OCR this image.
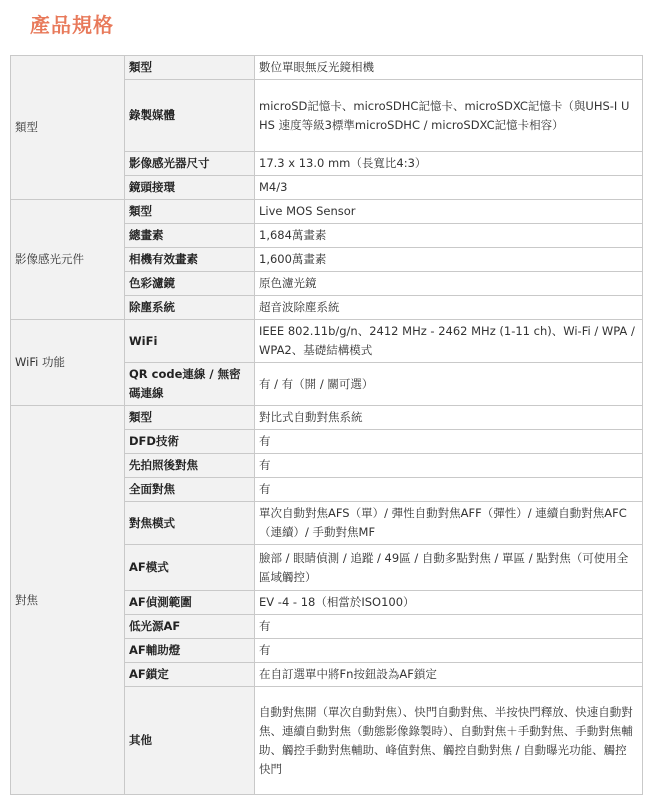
產品規格
類型	類型	數位單眼無反光鏡相機
	錄製媒體	microSD記憶卡、microSDHC記憶卡、microSDXC記憶卡（與UHS-I UHS 速度等級3標準microSDHC / microSDXC記憶卡相容）
	影像感光器尺寸	17.3 x 13.0 mm（長寬比4:3）
	鏡頭接環	M4/3
影像感光元件	類型	Live MOS Sensor
	總畫素	1,684萬畫素
	相機有效畫素	1,600萬畫素
	色彩濾鏡	原色濾光鏡
	除塵系統	超音波除塵系統
WiFi 功能	WiFi	IEEE 802.11b/g/n、2412 MHz - 2462 MHz (1-11 ch)、Wi-Fi / WPA / WPA2、基礎結構模式
	QR code連線 / 無密碼連線	有 / 有（開 / 關可選）
對焦	類型	對比式自動對焦系統
	DFD技術	有
	先拍照後對焦	有
	全面對焦	有
	對焦模式	單次自動對焦AFS（單）/ 彈性自動對焦AFF（彈性）/ 連續自動對焦AFC（連續）/ 手動對焦MF
	AF模式	臉部 / 眼睛偵測 / 追蹤 / 49區 / 自動多點對焦 / 單區 / 點對焦（可使用全區域觸控）
	AF偵測範圍	EV -4 - 18（相當於ISO100）
	低光源AF	有
	AF輔助燈	有
	AF鎖定	在自訂選單中將Fn按鈕設為AF鎖定
	其他	自動對焦開（單次自動對焦）、快門自動對焦、半按快門釋放、快速自動對焦、連續自動對焦（動態影像錄製時）、自動對焦＋手動對焦、手動對焦輔助、觸控手動對焦輔助、峰值對焦、觸控自動對焦 / 自動曝光功能、觸控快門
